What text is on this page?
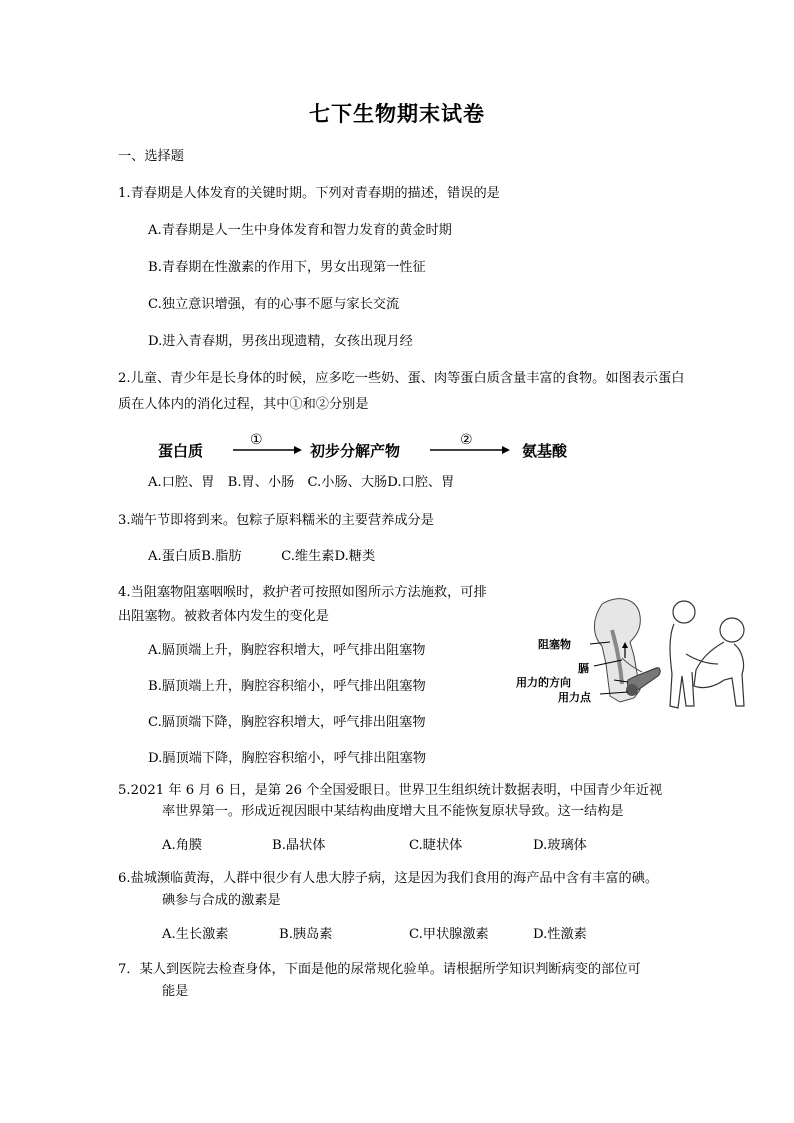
七下生物期末试卷
一、选择题
1.青春期是人体发育的关键时期。下列对青春期的描述，错误的是
A.青春期是人一生中身体发育和智力发育的黄金时期
B.青春期在性激素的作用下，男女出现第一性征
C.独立意识增强，有的心事不愿与家长交流
D.进入青春期，男孩出现遗精，女孩出现月经
2.儿童、青少年是长身体的时候，应多吃一些奶、蛋、肉等蛋白质含量丰富的食物。如图表示蛋白质在人体内的消化过程，其中①和②分别是
蛋白质
①
初步分解产物
②
氨基酸
A.口腔、胃　B.胃、小肠　C.小肠、大肠D.口腔、胃
3.端午节即将到来。包粽子原料糯米的主要营养成分是
A.蛋白质B.脂肪　　　C.维生素D.糖类
4.当阻塞物阻塞咽喉时，救护者可按照如图所示方法施救，可排出阻塞物。被救者体内发生的变化是
A.膈顶端上升，胸腔容积增大，呼气排出阻塞物
B.膈顶端上升，胸腔容积缩小，呼气排出阻塞物
C.膈顶端下降，胸腔容积增大，呼气排出阻塞物
D.膈顶端下降，胸腔容积缩小，呼气排出阻塞物
阻塞物
膈
用力的方向
用力点
5.2021 年 6 月 6 日，是第 26 个全国爱眼日。世界卫生组织统计数据表明，中国青少年近视
率世界第一。形成近视因眼中某结构曲度增大且不能恢复原状导致。这一结构是
A.角膜	B.晶状体	C.睫状体	D.玻璃体
6.盐城濒临黄海，人群中很少有人患大脖子病，这是因为我们食用的海产品中含有丰富的碘。
碘参与合成的激素是
A.生长激素	B.胰岛素	C.甲状腺激素	D.性激素
7．某人到医院去检查身体，下面是他的尿常规化验单。请根据所学知识判断病变的部位可
能是
